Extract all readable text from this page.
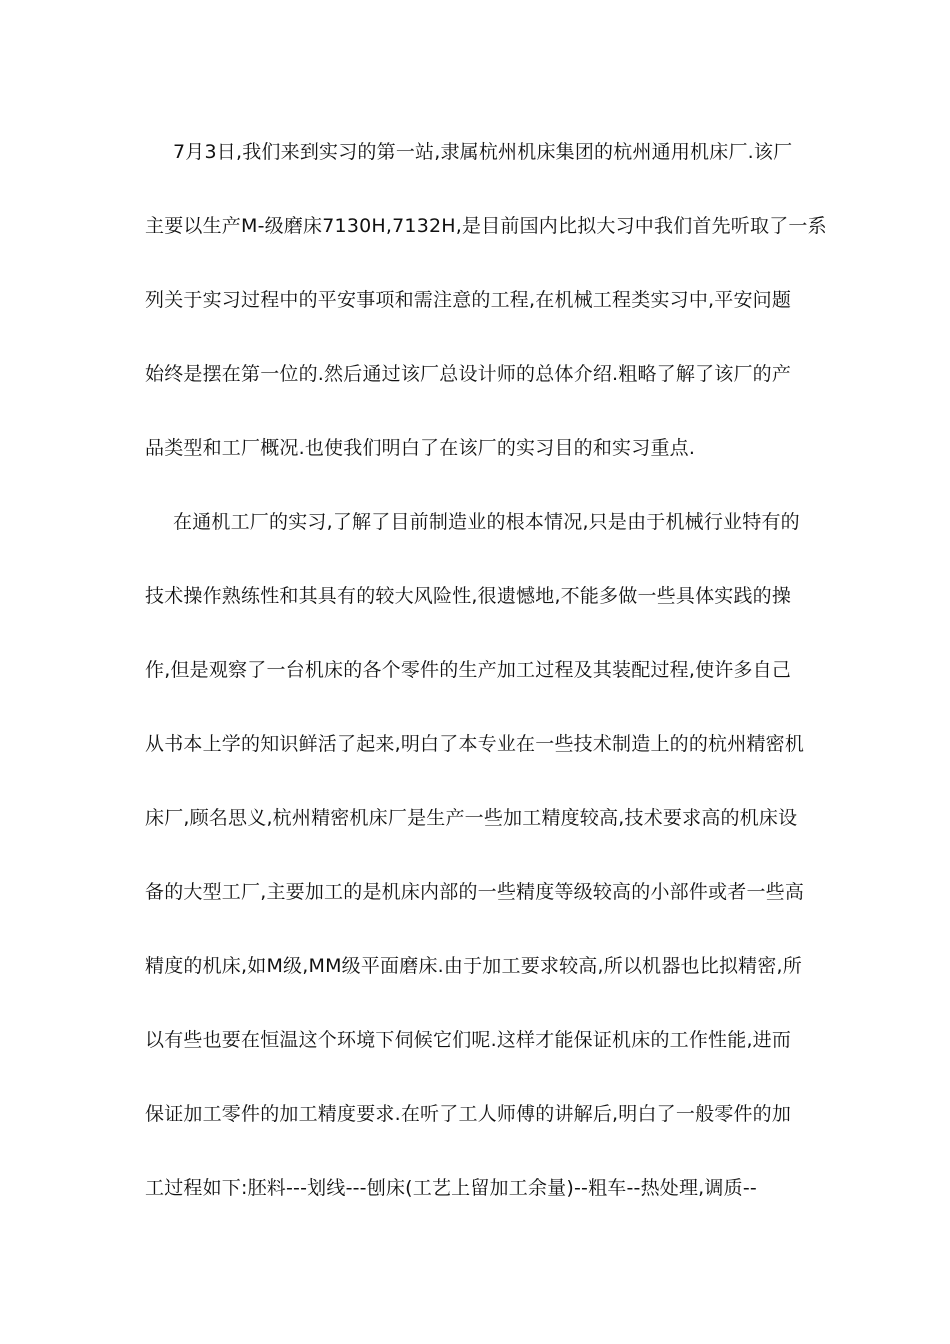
7月3日,我们来到实习的第一站,隶属杭州机床集团的杭州通用机床厂.该厂
主要以生产M-级磨床7130H,7132H,是目前国内比拟大习中我们首先听取了一系
列关于实习过程中的平安事项和需注意的工程,在机械工程类实习中,平安问题
始终是摆在第一位的.然后通过该厂总设计师的总体介绍.粗略了解了该厂的产
品类型和工厂概况.也使我们明白了在该厂的实习目的和实习重点.
在通机工厂的实习,了解了目前制造业的根本情况,只是由于机械行业特有的
技术操作熟练性和其具有的较大风险性,很遗憾地,不能多做一些具体实践的操
作,但是观察了一台机床的各个零件的生产加工过程及其装配过程,使许多自己
从书本上学的知识鲜活了起来,明白了本专业在一些技术制造上的的杭州精密机
床厂,顾名思义,杭州精密机床厂是生产一些加工精度较高,技术要求高的机床设
备的大型工厂,主要加工的是机床内部的一些精度等级较高的小部件或者一些高
精度的机床,如M级,MM级平面磨床.由于加工要求较高,所以机器也比拟精密,所
以有些也要在恒温这个环境下伺候它们呢.这样才能保证机床的工作性能,进而
保证加工零件的加工精度要求.在听了工人师傅的讲解后,明白了一般零件的加
工过程如下:胚料---划线---刨床(工艺上留加工余量)--粗车--热处理,调质--
